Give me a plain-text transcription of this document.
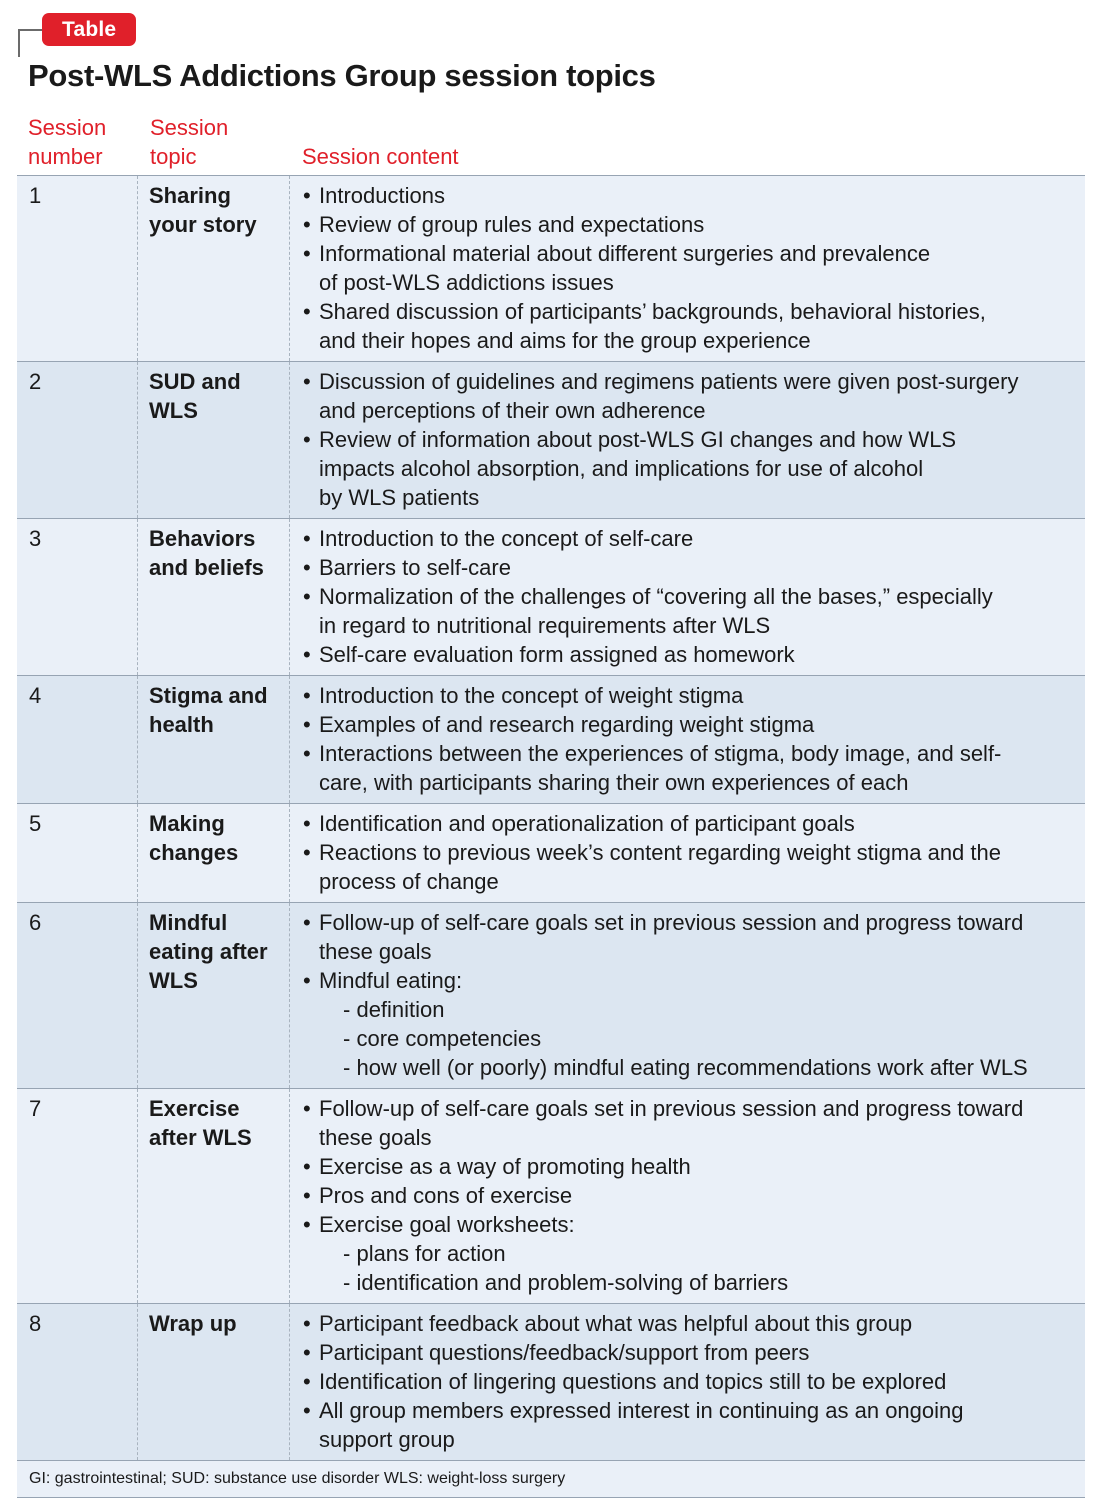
Table
Post-WLS Addictions Group session topics
Session
number
Session
topic	Session content
1	Sharing
your story
• Introductions
• Review of group rules and expectations
• Informational material about different surgeries and prevalence
of post-WLS addictions issues
• Shared discussion of participants’ backgrounds, behavioral histories,
and their hopes and aims for the group experience
2	SUD and
WLS
• Discussion of guidelines and regimens patients were given post-surgery
and perceptions of their own adherence
• Review of information about post-WLS GI changes and how WLS
impacts alcohol absorption, and implications for use of alcohol
by WLS patients
3	Behaviors
and beliefs
• Introduction to the concept of self-care
• Barriers to self-care
• Normalization of the challenges of “covering all the bases,” especially
in regard to nutritional requirements after WLS
• Self-care evaluation form assigned as homework
4	Stigma and
health
• Introduction to the concept of weight stigma
• Examples of and research regarding weight stigma
• Interactions between the experiences of stigma, body image, and self-
care, with participants sharing their own experiences of each
5	Making
changes
• Identification and operationalization of participant goals
• Reactions to previous week’s content regarding weight stigma and the
process of change
6	Mindful
eating after
WLS
• Follow-up of self-care goals set in previous session and progress toward
these goals
• Mindful eating:
- definition
- core competencies
- how well (or poorly) mindful eating recommendations work after WLS
7	Exercise
after WLS
• Follow-up of self-care goals set in previous session and progress toward
these goals
• Exercise as a way of promoting health
• Pros and cons of exercise
• Exercise goal worksheets:
- plans for action
- identification and problem-solving of barriers
8	Wrap up
•	Participant feedback about what was helpful about this group
• Participant questions/feedback/support from peers
• Identification of lingering questions and topics still to be explored
• All group members expressed interest in continuing as an ongoing
support group
GI: gastrointestinal; SUD: substance use disorder WLS: weight-loss surgery
